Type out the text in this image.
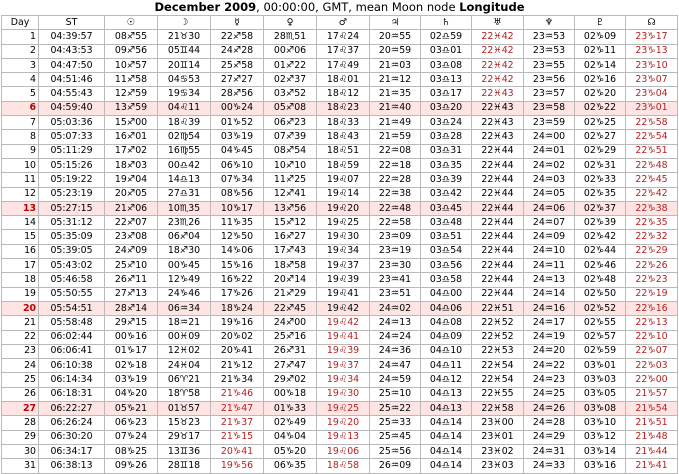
December 2009, 00:00:00, GMT, mean Moon node Longitude
Day	ST	☉	☽	☿	♀	♂	♃	♄	♅	♆	♇	☊
1	04:39:57	08♐55	21♉30	22♐58	28♏51	17♌24	20♒55	02♎59	22♓42	23♒53	02♑09	23♑17
2	04:43:53	09♐56	05♊44	24♐28	00♐06	17♌37	20♒59	03♎01	22♓42	23♒53	02♑11	23♑13
3	04:47:50	10♐57	20♊14	25♐58	01♐22	17♌49	21♒03	03♎08	22♓42	23♒55	02♑14	23♑10
4	04:51:46	11♐58	04♋53	27♐27	02♐37	18♌01	21♒12	03♎13	22♓42	23♒56	02♑16	23♑07
5	04:55:43	12♐59	19♋34	28♐56	03♐52	18♌12	21♒35	03♎17	22♓43	23♒57	02♑20	23♑04
6	04:59:40	13♐59	04♌11	00♑24	05♐08	18♌23	21♒40	03♎20	22♓43	23♒58	02♑22	23♑01
7	05:03:36	15♐00	18♌39	01♑52	06♐23	18♌33	21♒49	03♎24	22♓43	23♒59	02♑25	22♑58
8	05:07:33	16♐01	02♍54	03♑19	07♐39	18♌43	21♒59	03♎28	22♓43	24♒00	02♑27	22♑54
9	05:11:29	17♐02	16♍55	04♑45	08♐54	18♌51	22♒08	03♎31	22♓44	24♒01	02♑29	22♑51
10	05:15:26	18♐03	00♎42	06♑10	10♐10	18♌59	22♒18	03♎35	22♓44	24♒02	02♑31	22♑48
11	05:19:22	19♐04	14♎13	07♑34	11♐25	19♌07	22♒28	03♎39	22♓44	24♒03	02♑33	22♑45
12	05:23:19	20♐05	27♎31	08♑56	12♐41	19♌14	22♒38	03♎42	22♓44	24♒05	02♑35	22♑42
13	05:27:15	21♐06	10♏35	10♑17	13♐56	19♌20	22♒48	03♎45	22♓44	24♒06	02♑37	22♑38
14	05:31:12	22♐07	23♏26	11♑35	15♐12	19♌25	22♒58	03♎48	22♓44	24♒07	02♑39	22♑35
15	05:35:09	23♐08	06♐04	12♑50	16♐27	19♌30	23♒09	03♎51	22♓44	24♒09	02♑42	22♑32
16	05:39:05	24♐09	18♐30	14♑06	17♐43	19♌34	23♒19	03♎54	22♓44	24♒10	02♑44	22♑29
17	05:43:02	25♐10	00♑45	15♑16	18♐58	19♌37	23♒30	03♎56	22♓44	24♒11	02♑46	22♑26
18	05:46:58	26♐11	12♑49	16♑22	20♐14	19♌39	23♒41	03♎58	22♓44	24♒13	02♑48	22♑23
19	05:50:55	27♐13	24♑46	17♑26	21♐29	19♌41	23♒51	04♎00	22♓44	24♒14	02♑50	22♑19
20	05:54:51	28♐14	06♒34	18♑24	22♐45	19♌42	24♒02	04♎06	22♓51	24♒16	02♑52	22♑16
21	05:58:48	29♐15	18♒21	19♑16	24♐00	19♌42	24♒13	04♎08	22♓52	24♒17	02♑55	22♑13
22	06:02:44	00♑16	00♓09	20♑02	25♐16	19♌41	24♒24	04♎09	22♓52	24♒19	02♑57	22♑10
23	06:06:41	01♑17	12♓02	20♑41	26♐31	19♌39	24♒36	04♎10	22♓53	24♒20	02♑59	22♑07
24	06:10:38	02♑18	24♓04	21♑12	27♐47	19♌37	24♒47	04♎11	22♓54	24♒22	03♑01	22♑03
25	06:14:34	03♑19	06♈21	21♑34	29♐02	19♌34	24♒59	04♎12	22♓54	24♒23	03♑03	22♑00
26	06:18:31	04♑20	18♈58	21♑46	00♑18	19♌30	25♒10	04♎13	22♓55	24♒25	03♑05	21♑57
27	06:22:27	05♑21	01♉57	21♑47	01♑33	19♌25	25♒22	04♎13	22♓58	24♒26	03♑08	21♑54
28	06:26:24	06♑23	15♉23	21♑37	02♑49	19♌20	25♒33	04♎14	23♓00	24♒28	03♑10	21♑51
29	06:30:20	07♑24	29♉17	21♑15	04♑04	19♌13	25♒45	04♎14	23♓01	24♒29	03♑12	21♑48
30	06:34:17	08♑25	13♊36	20♑41	05♑20	19♌06	25♒56	04♎14	23♓02	24♒31	03♑14	21♑44
31	06:38:13	09♑26	28♊18	19♑56	06♑35	18♌58	26♒09	04♎14	23♓03	24♒33	03♑16	21♑41
